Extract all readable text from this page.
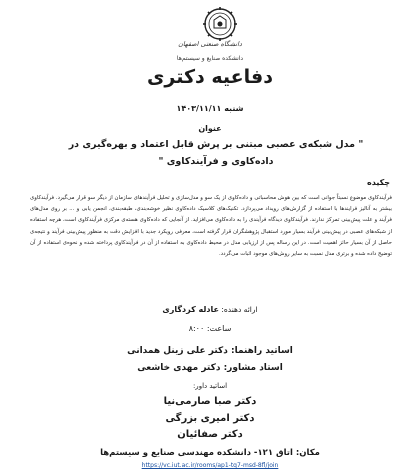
دانشگاه صنعتی اصفهان
دانشکده صنایع و سیستم‌ها
دفاعیه دکتری
شنبه ۱۴۰۳/۱۱/۱۱
عنوان
" مدل شبکه‌ی عصبی مبتنی بر پرش قابل اعتماد و بهره‌گیری در داده‌کاوی و فرآیندکاوی "
چکیده
فرآیندکاوی موضوع نسبتاً جوانی است که بین هوش محاسباتی و داده‌کاوی از یک سو و مدل‌سازی و تحلیل فرآیندهای سازمان از دیگر سو قرار می‌گیرد. فرآیندکاوی بیشتر به آنالیز فرایندها با استفاده از گزارش‌های رویداد می‌پردازد. تکنیک‌های کلاسیک داده‌کاوی نظیر خوشه‌بندی، طبقه‌بندی، انجمن یابی و ... بر روی مدل‌های فرآیند و علت پیش‌بینی تمرکز ندارند. فرآیندکاوی دیدگاه فرآیندی را به داده‌کاوی می‌افزاید. از آنجایی که داده‌کاوی هسته‌ی مرکزی فرآیندکاوی است، هرچه استفاده از شبکه‌های عصبی در پیش‌بینی فرآیند بسیار مورد استقبال پژوهشگران قرار گرفته است، معرفی رویکرد جدید با افزایش دقت به منظور پیش‌بینی فرآیند و نتیجه‌ی حاصل از آن بسیار حائز اهمیت است. در این رساله پس از ارزیابی مدل در محیط داده‌کاوی به استفاده از آن در فرآیندکاوی پرداخته شده و نحوه‌ی استفاده از آن توضیح داده شده و برتری مدل نسبت به سایر روش‌های موجود اثبات می‌گردد.
ارائه دهنده: عادله کردگاری
ساعت: ۸:۰۰
اساتید راهنما: دکتر علی زینل همدانی
استاد مشاور: دکتر مهدی خاشعی
اساتید داور:
دکتر صبا صارمی‌نیا
دکتر امیری بزرگی
دکتر صفائیان
مکان: اتاق ۱۲۱- دانشکده مهندسی صنایع و سیستم‌ها
https://vc.iut.ac.ir/rooms/ap1-tq7-msd-8fl/join
